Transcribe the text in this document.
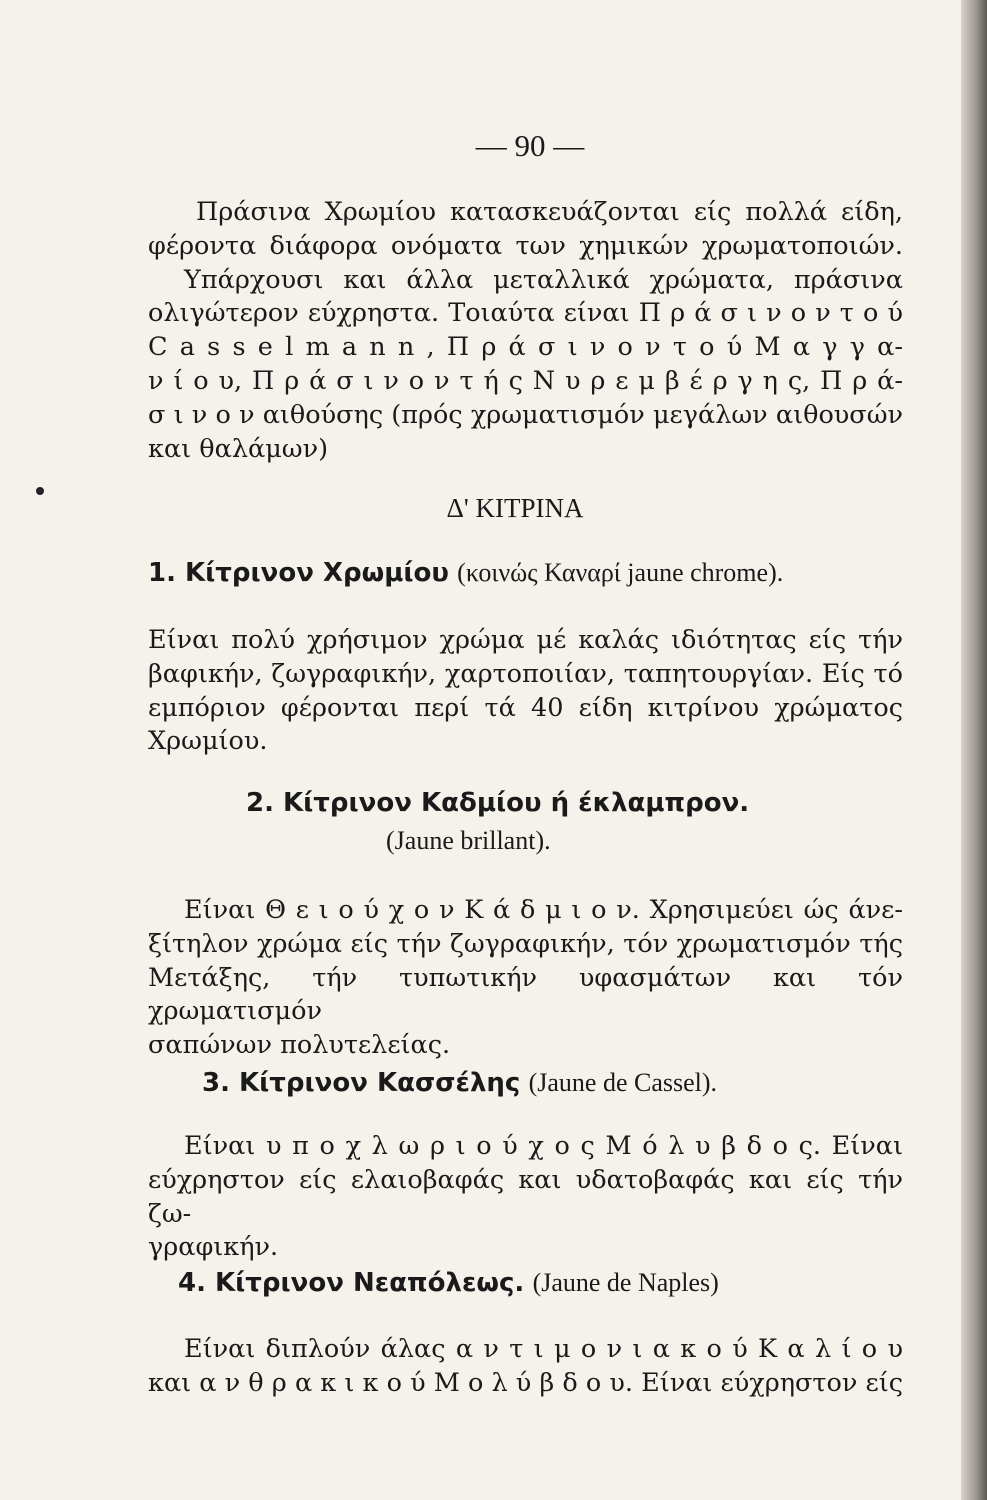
— 90 —
Πράσινα Χρωμίου κατασκευάζονται είς πολλά είδη,
φέροντα διάφορα ονόματα των χημικών χρωματοποιών.
Υπάρχουσι και άλλα μεταλλικά χρώματα, πράσινα
ολιγώτερον εύχρηστα. Τοιαύτα είναι Π ρ ά σ ι ν ο ν τ ο ύ
C a s s e l m a n n , Π ρ ά σ ι ν ο ν τ ο ύ Μ α γ γ α-
ν ί ο υ, Π ρ ά σ ι ν ο ν τ ή ς Ν υ ρ ε μ β έ ρ γ η ς, Π ρ ά-
σ ι ν ο ν αιθούσης (πρός χρωματισμόν μεγάλων αιθουσών
και θαλάμων)
Δ' ΚΙΤΡΙΝΑ
1. Κίτρινον Χρωμίου (κοινώς Καναρί jaune chrome).
Είναι πολύ χρήσιμον χρώμα μέ καλάς ιδιότητας είς τήν
βαφικήν, ζωγραφικήν, χαρτοποιίαν, ταπητουργίαν. Είς τό
εμπόριον φέρονται περί τά 40 είδη κιτρίνου χρώματος
Χρωμίου.
2. Κίτρινον Καδμίου ή έκλαμπρον.
(Jaune brillant).
Είναι Θ ε ι ο ύ χ ο ν Κ ά δ μ ι ο ν. Χρησιμεύει ώς άνε-
ξίτηλον χρώμα είς τήν ζωγραφικήν, τόν χρωματισμόν τής
Μετάξης, τήν τυπωτικήν υφασμάτων και τόν χρωματισμόν
σαπώνων πολυτελείας.
3. Κίτρινον Κασσέλης (Jaune de Cassel).
Είναι υ π ο χ λ ω ρ ι ο ύ χ ο ς Μ ό λ υ β δ ο ς. Είναι
εύχρηστον είς ελαιοβαφάς και υδατοβαφάς και είς τήν ζω-
γραφικήν.
4. Κίτρινον Νεαπόλεως. (Jaune de Naples)
Είναι διπλούν άλας α ν τ ι μ ο ν ι α κ ο ύ Κ α λ ί ο υ
και α ν θ ρ α κ ι κ ο ύ Μ ο λ ύ β δ ο υ. Είναι εύχρηστον είς
